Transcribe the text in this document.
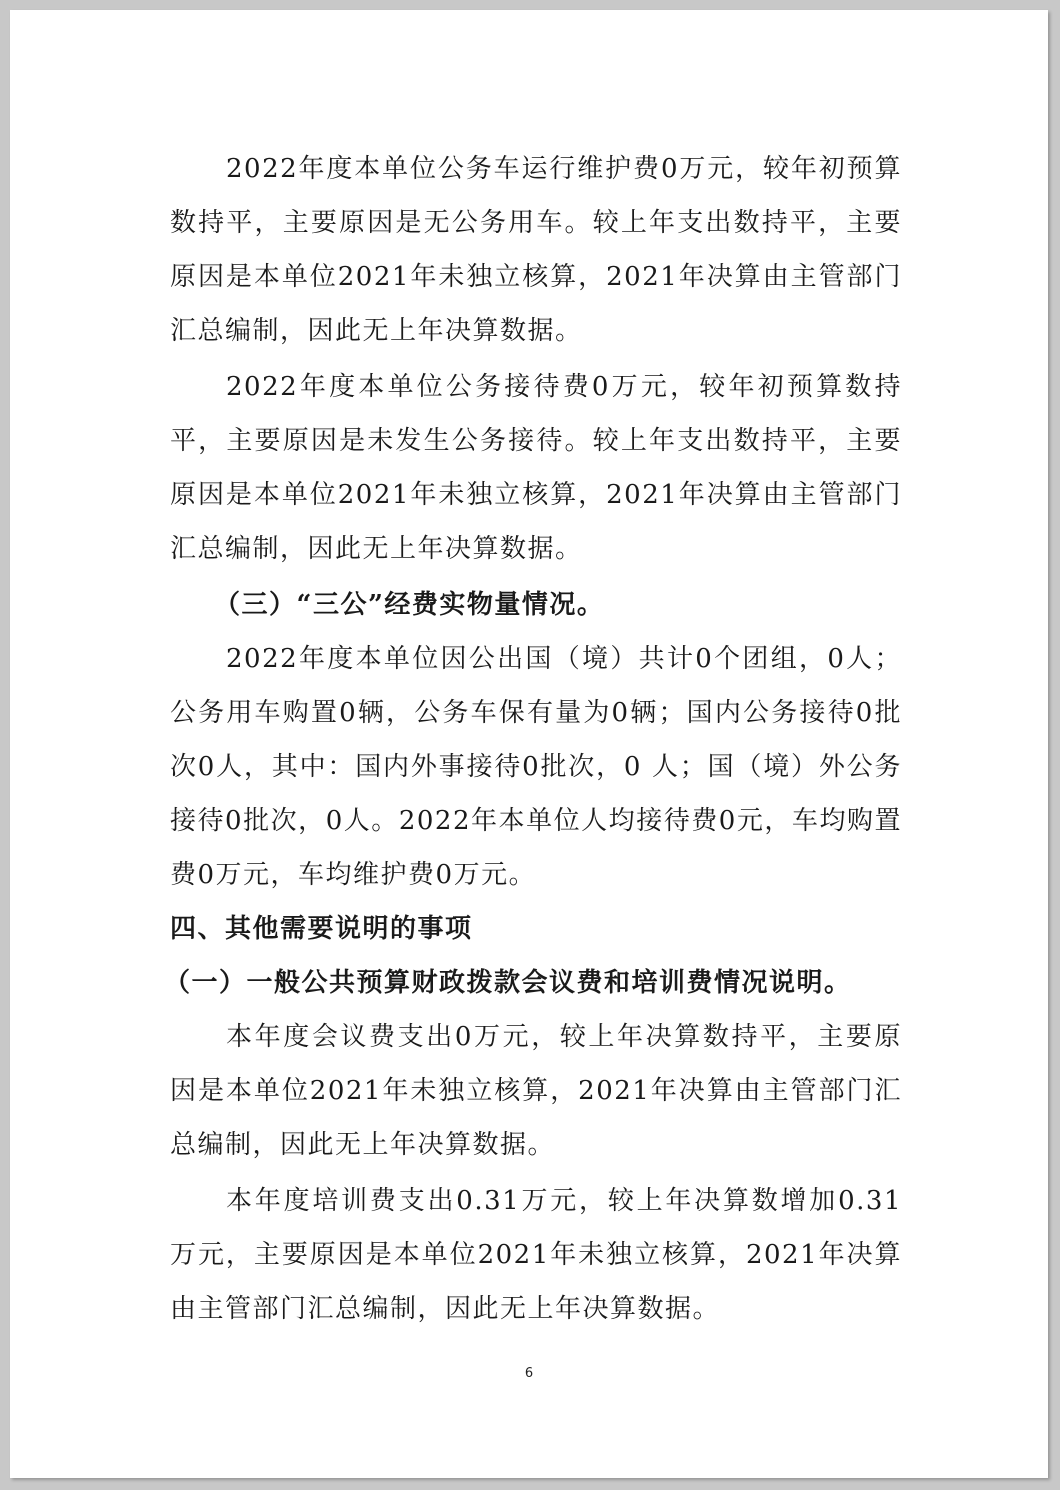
2022年度本单位公务车运行维护费0万元，较年初预算数持平，主要原因是无公务用车。较上年支出数持平，主要原因是本单位2021年未独立核算，2021年决算由主管部门汇总编制，因此无上年决算数据。

2022年度本单位公务接待费0万元，较年初预算数持平，主要原因是未发生公务接待。较上年支出数持平，主要原因是本单位2021年未独立核算，2021年决算由主管部门汇总编制，因此无上年决算数据。

（三）“三公”经费实物量情况。

2022年度本单位因公出国（境）共计0个团组，0人；公务用车购置0辆，公务车保有量为0辆；国内公务接待0批次0人，其中：国内外事接待0批次，0 人；国（境）外公务接待0批次，0人。2022年本单位人均接待费0元，车均购置费0万元，车均维护费0万元。

四、其他需要说明的事项

（一）一般公共预算财政拨款会议费和培训费情况说明。

本年度会议费支出0万元，较上年决算数持平，主要原因是本单位2021年未独立核算，2021年决算由主管部门汇总编制，因此无上年决算数据。

本年度培训费支出0.31万元，较上年决算数增加0.31万元，主要原因是本单位2021年未独立核算，2021年决算由主管部门汇总编制，因此无上年决算数据。

6
